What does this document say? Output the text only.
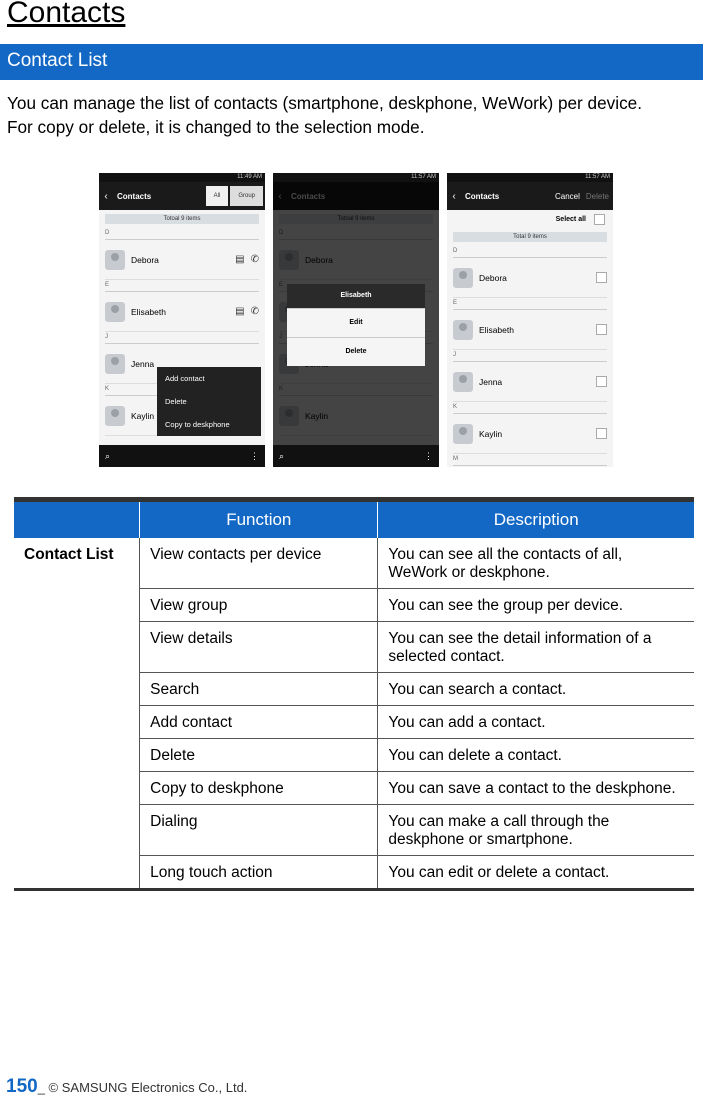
Contacts
Contact List

You can manage the list of contacts (smartphone, deskphone, WeWork) per device.

For copy or delete, it is changed to the selection mode.

11:49 AM
‹	Contacts	All	Group
Totoal 9 items
D
Debora	▤ ✆
E
Elisabeth	▤ ✆
J
Jenna
K
Kaylin
Add contact
Delete
Copy to deskphone
⌕	⋮
11:57 AM
Elisabeth
Edit
Delete
⌕	⋮
11:57 AM
‹	Contacts	Cancel Delete
Select all
Total 9 items
D
Debora
E
Elisabeth
J
Jenna
K
Kaylin
M
	Function	Description
Contact List	View contacts per device	You can see all the contacts of all, WeWork or deskphone.
	View group	You can see the group per device.
	View details	You can see the detail information of a selected contact.
	Search	You can search a contact.
	Add contact	You can add a contact.
	Delete	You can delete a contact.
	Copy to deskphone	You can save a contact to the deskphone.
	Dialing	You can make a call through the deskphone or smartphone.
	Long touch action	You can edit or delete a contact.
150_ © SAMSUNG Electronics Co., Ltd.
